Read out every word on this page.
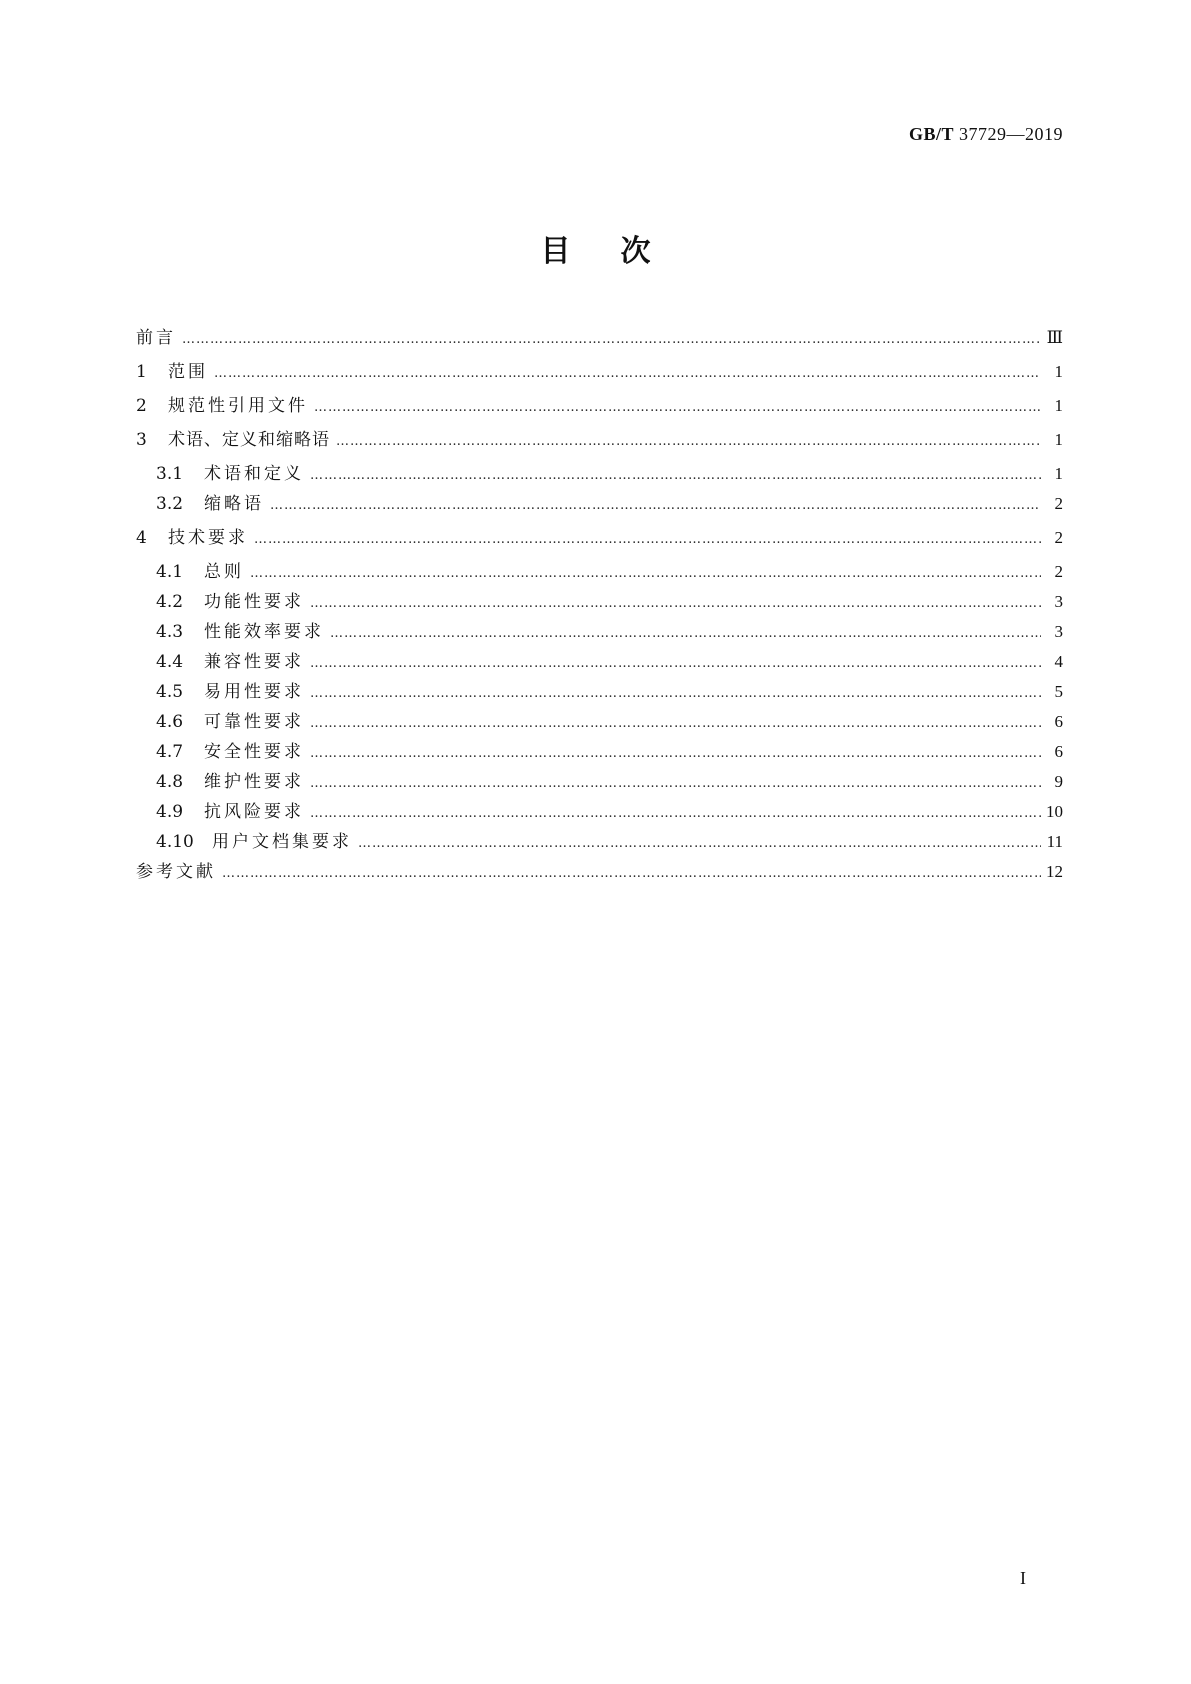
GB/T 37729—2019
目次
前言 …………………………………………………………………………………………………………………………………………………………………………………………………………………………………………………………	Ⅲ
1	范围 …………………………………………………………………………………………………………………………………………………………………………………………………………………………………………………………	1
2	规范性引用文件 …………………………………………………………………………………………………………………………………………………………………………………………………………………………………………………………	1
3	术语、定义和缩略语 …………………………………………………………………………………………………………………………………………………………………………………………………………………………………………………………	1
3.1	术语和定义 …………………………………………………………………………………………………………………………………………………………………………………………………………………………………………………………	1
3.2	缩略语 …………………………………………………………………………………………………………………………………………………………………………………………………………………………………………………………	2
4	技术要求 …………………………………………………………………………………………………………………………………………………………………………………………………………………………………………………………	2
4.1	总则 …………………………………………………………………………………………………………………………………………………………………………………………………………………………………………………………	2
4.2	功能性要求 …………………………………………………………………………………………………………………………………………………………………………………………………………………………………………………………	3
4.3	性能效率要求 …………………………………………………………………………………………………………………………………………………………………………………………………………………………………………………………	3
4.4	兼容性要求 …………………………………………………………………………………………………………………………………………………………………………………………………………………………………………………………	4
4.5	易用性要求 …………………………………………………………………………………………………………………………………………………………………………………………………………………………………………………………	5
4.6	可靠性要求 …………………………………………………………………………………………………………………………………………………………………………………………………………………………………………………………	6
4.7	安全性要求 …………………………………………………………………………………………………………………………………………………………………………………………………………………………………………………………	6
4.8	维护性要求 …………………………………………………………………………………………………………………………………………………………………………………………………………………………………………………………	9
4.9	抗风险要求 …………………………………………………………………………………………………………………………………………………………………………………………………………………………………………………………	10
4.10	用户文档集要求 …………………………………………………………………………………………………………………………………………………………………………………………………………………………………………………………	11
参考文献 …………………………………………………………………………………………………………………………………………………………………………………………………………………………………………………………	12
I
